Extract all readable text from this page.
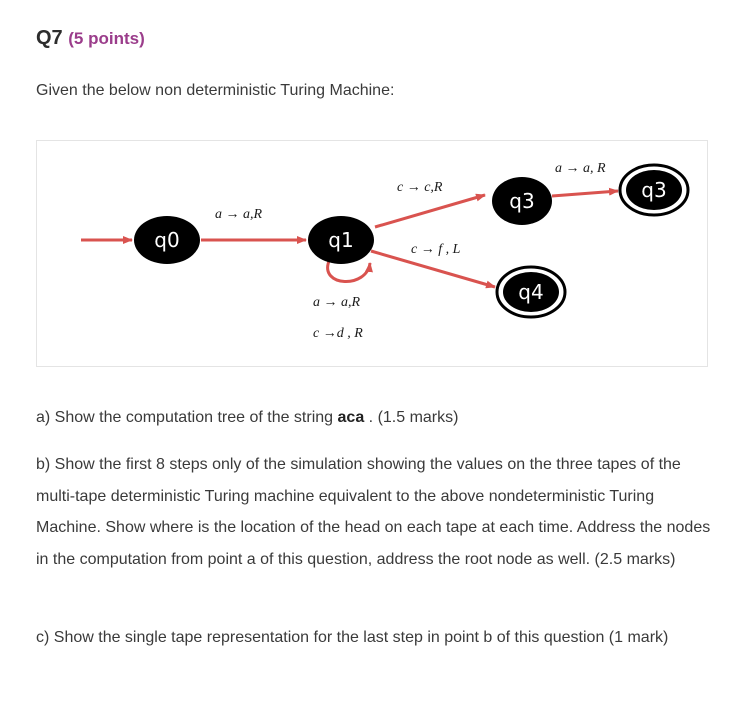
Q7 (5 points)
Given the below non deterministic Turing Machine:
q0	q1
q3	q3
q4
a → a,R
c → c,R
a → a, R
c → f , L
a → a,R
c →d , R
a) Show the computation tree of the string aca . (1.5 marks)
b) Show the first 8 steps only of the simulation showing the values on the three tapes of the multi-tape deterministic Turing machine equivalent to the above nondeterministic Turing Machine. Show where is the location of the head on each tape at each time. Address the nodes in the computation from point a of this question, address the root node as well. (2.5 marks)
c) Show the single tape representation for the last step in point b of this question (1 mark)
